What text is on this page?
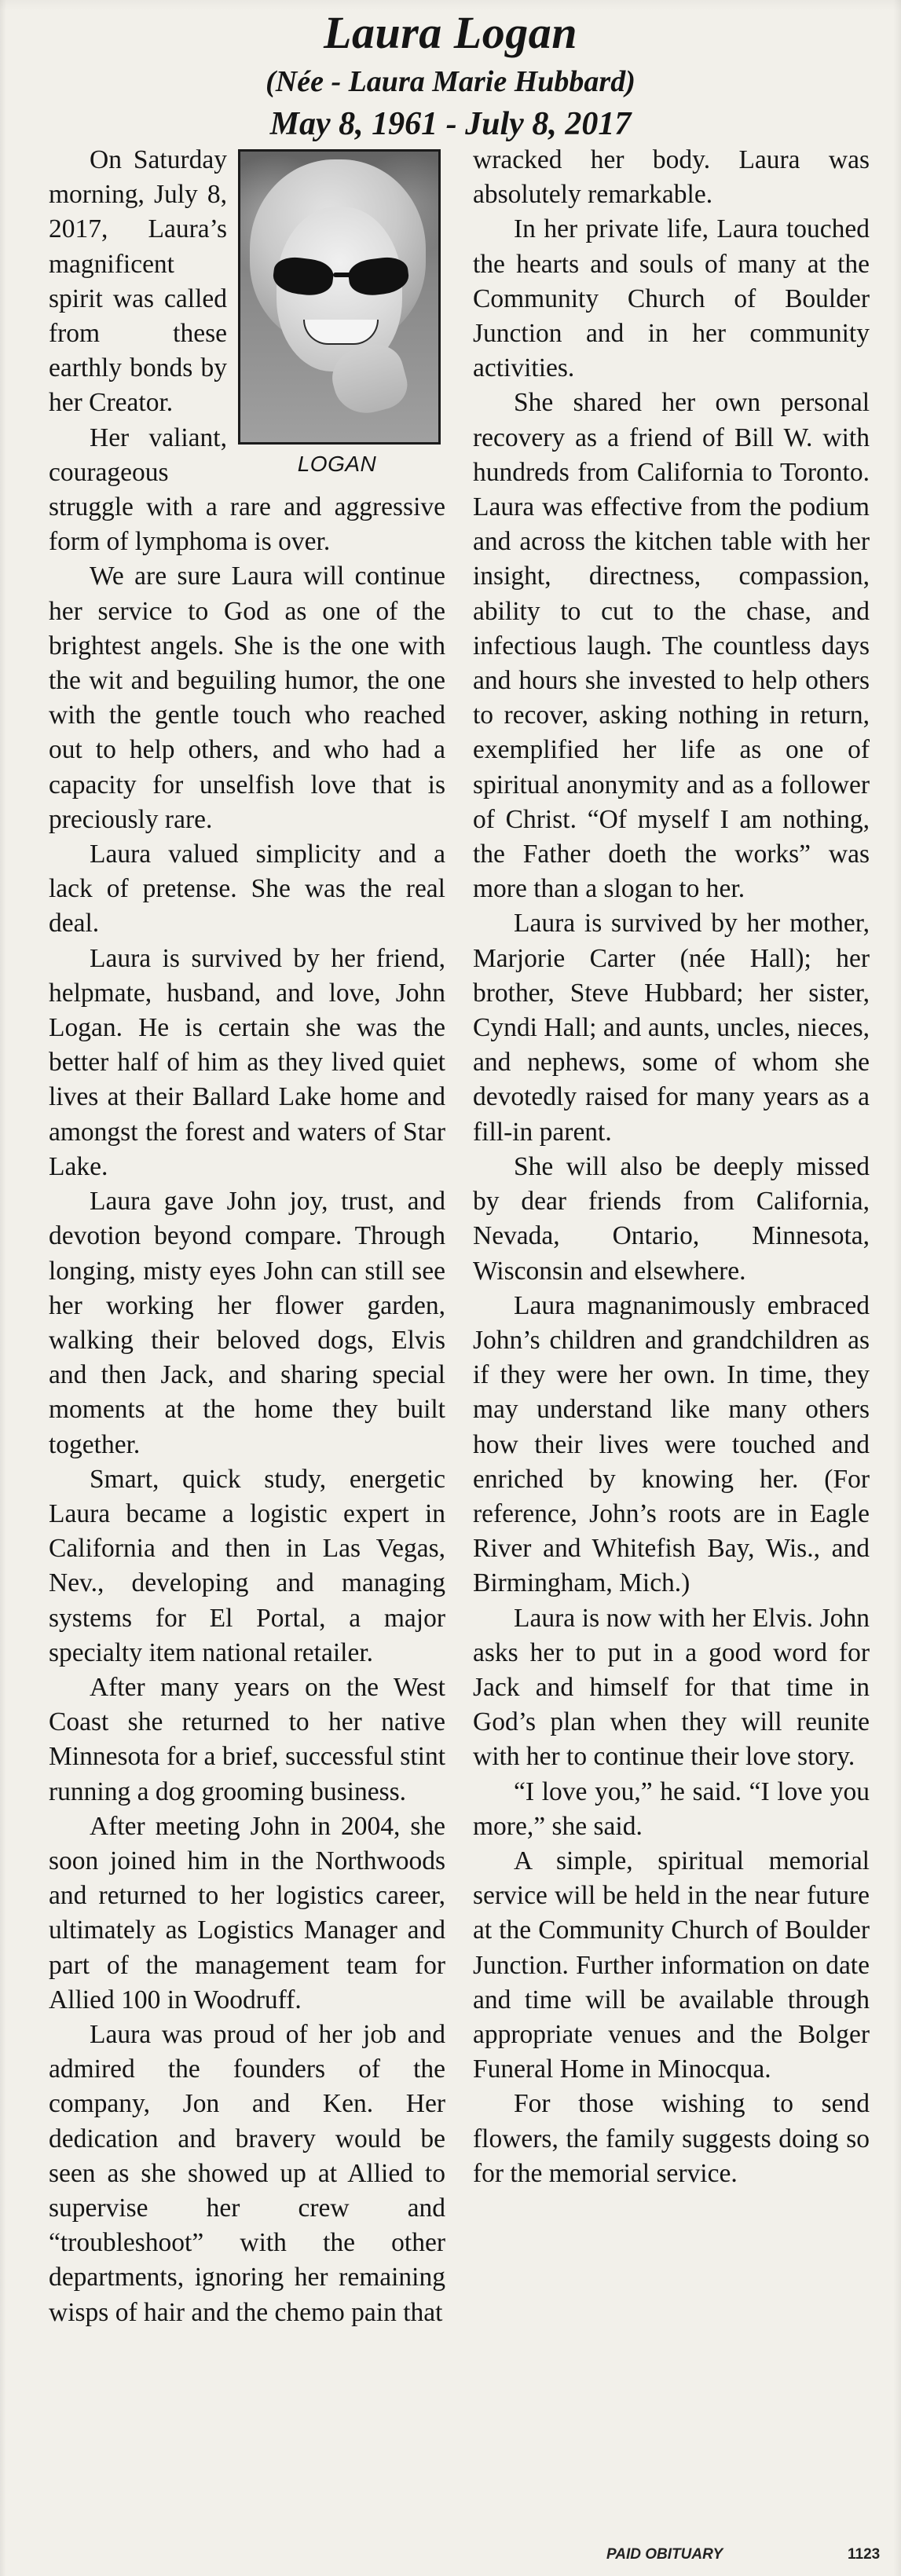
Laura Logan
(Née - Laura Marie Hubbard)
May 8, 1961 - July 8, 2017
LOGAN

On Saturday morning, July 8, 2017, Laura’s magnificent spirit was called from these earthly bonds by her Creator.

Her valiant, courageous struggle with a rare and aggressive form of lymphoma is over.

We are sure Laura will continue her service to God as one of the brightest angels. She is the one with the wit and beguiling humor, the one with the gentle touch who reached out to help others, and who had a capacity for unselfish love that is preciously rare.

Laura valued simplicity and a lack of pretense. She was the real deal.

Laura is survived by her friend, helpmate, husband, and love, John Logan. He is certain she was the better half of him as they lived quiet lives at their Ballard Lake home and amongst the forest and waters of Star Lake.

Laura gave John joy, trust, and devotion beyond compare. Through longing, misty eyes John can still see her working her flower garden, walking their beloved dogs, Elvis and then Jack, and sharing special moments at the home they built together.

Smart, quick study, energetic Laura became a logistic expert in California and then in Las Vegas, Nev., developing and managing systems for El Portal, a major specialty item national retailer.

After many years on the West Coast she returned to her native Minnesota for a brief, successful stint running a dog grooming business.

After meeting John in 2004, she soon joined him in the Northwoods and returned to her logistics career, ultimately as Logistics Manager and part of the management team for Allied 100 in Woodruff.

Laura was proud of her job and admired the founders of the company, Jon and Ken. Her dedication and bravery would be seen as she showed up at Allied to supervise her crew and “troubleshoot” with the other departments, ignoring her remaining wisps of hair and the chemo pain that

wracked her body. Laura was absolutely remarkable.

In her private life, Laura touched the hearts and souls of many at the Community Church of Boulder Junction and in her community activities.

She shared her own personal recovery as a friend of Bill W. with hundreds from California to Toronto. Laura was effective from the podium and across the kitchen table with her insight, directness, compassion, ability to cut to the chase, and infectious laugh. The countless days and hours she invested to help others to recover, asking nothing in return, exemplified her life as one of spiritual anonymity and as a follower of Christ. “Of myself I am nothing, the Father doeth the works” was more than a slogan to her.

Laura is survived by her mother, Marjorie Carter (née Hall); her brother, Steve Hubbard; her sister, Cyndi Hall; and aunts, uncles, nieces, and nephews, some of whom she devotedly raised for many years as a fill-in parent.

She will also be deeply missed by dear friends from California, Nevada, Ontario, Minnesota, Wisconsin and elsewhere.

Laura magnanimously embraced John’s children and grandchildren as if they were her own. In time, they may understand like many others how their lives were touched and enriched by knowing her. (For reference, John’s roots are in Eagle River and Whitefish Bay, Wis., and Birmingham, Mich.)

Laura is now with her Elvis. John asks her to put in a good word for Jack and himself for that time in God’s plan when they will reunite with her to continue their love story.

“I love you,” he said. “I love you more,” she said.

A simple, spiritual memorial service will be held in the near future at the Community Church of Boulder Junction. Further information on date and time will be available through appropriate venues and the Bolger Funeral Home in Minocqua.

For those wishing to send flowers, the family suggests doing so for the memorial service.

PAID OBITUARY	1123
